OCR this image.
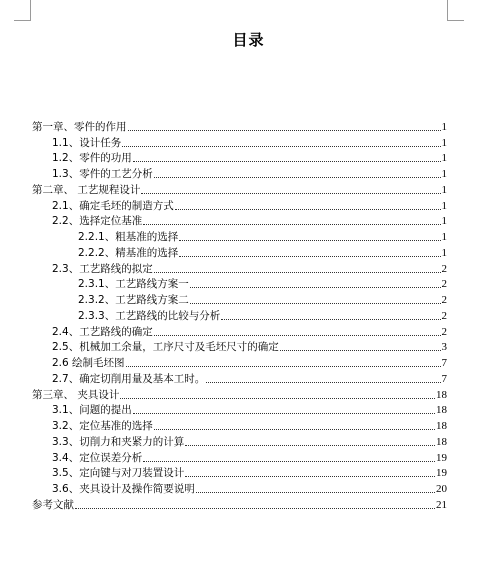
目录
第一章、零件的作用	1
1.1、设计任务	1
1.2、零件的功用	1
1.3、零件的工艺分析	1
第二章、 工艺规程设计	1
2.1、确定毛坯的制造方式	1
2.2、选择定位基准	1
2.2.1、粗基准的选择	1
2.2.2、精基准的选择	1
2.3、工艺路线的拟定	2
2.3.1、工艺路线方案一	2
2.3.2、工艺路线方案二	2
2.3.3、工艺路线的比较与分析	2
2.4、工艺路线的确定	2
2.5、机械加工余量，工序尺寸及毛坯尺寸的确定	3
2.6 绘制毛坯图	7
2.7、确定切削用量及基本工时。	7
第三章、 夹具设计	18
3.1、问题的提出	18
3.2、定位基准的选择	18
3.3、切削力和夹紧力的计算	18
3.4、定位误差分析	19
3.5、定向键与对刀装置设计	19
3.6、夹具设计及操作简要说明	20
参考文献	21
